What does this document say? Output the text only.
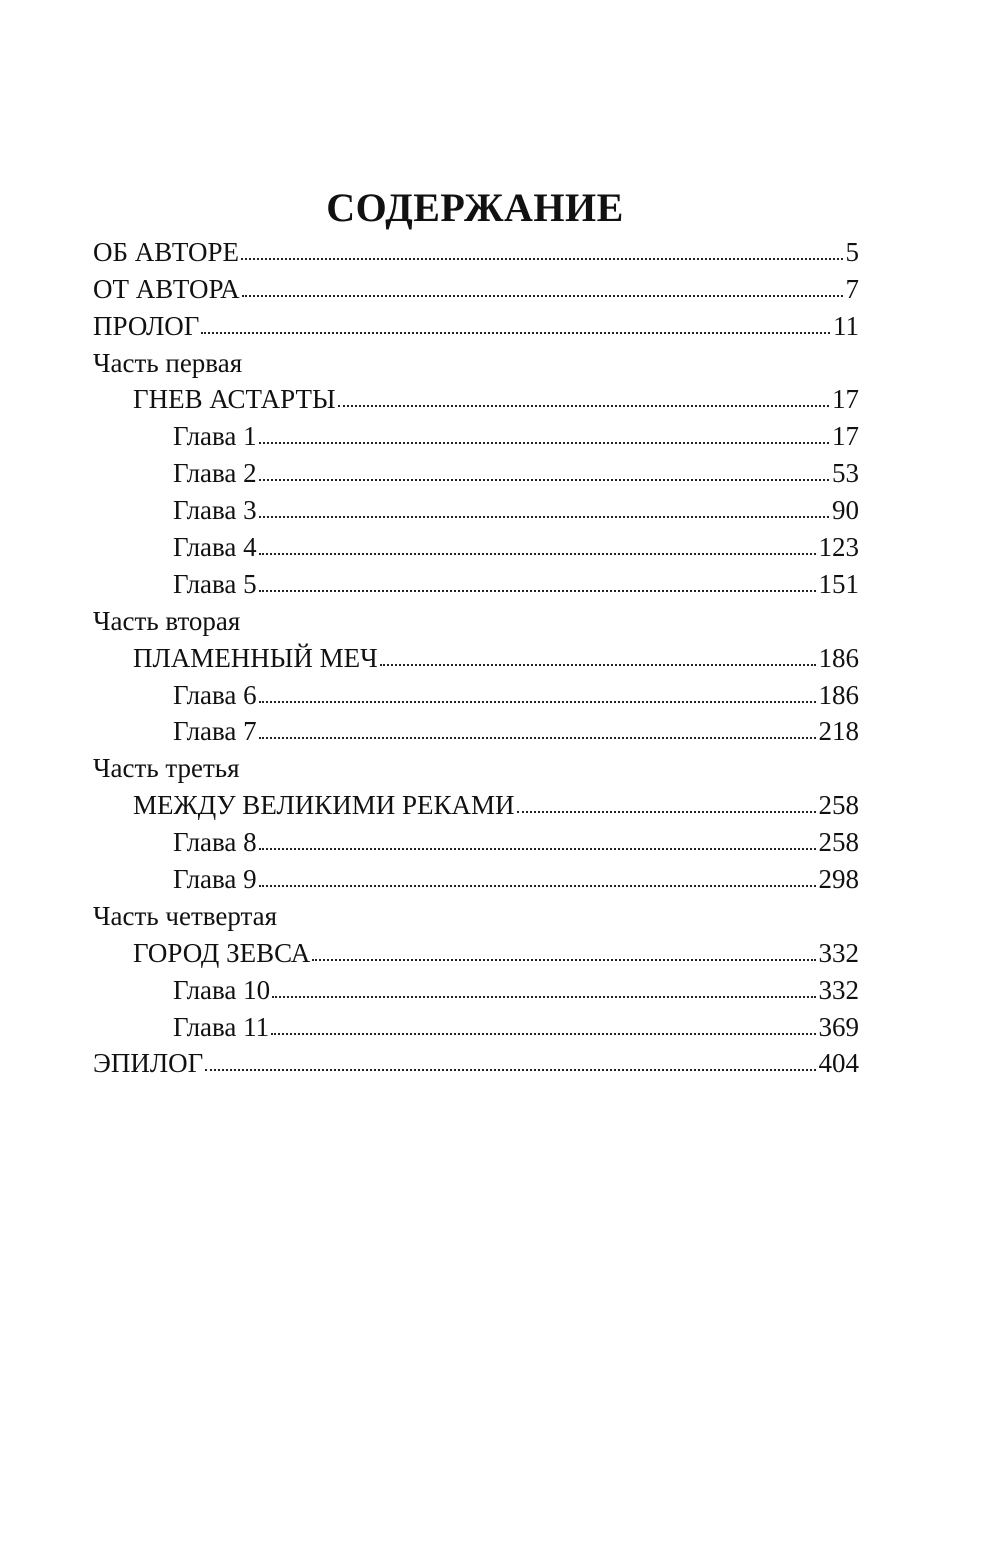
СОДЕРЖАНИЕ
ОБ АВТОРЕ	5
ОТ АВТОРА	7
ПРОЛОГ	11
Часть первая
ГНЕВ АСТАРТЫ	17
Глава 1	17
Глава 2	53
Глава 3	90
Глава 4	123
Глава 5	151
Часть вторая
ПЛАМЕННЫЙ МЕЧ	186
Глава 6	186
Глава 7	218
Часть третья
МЕЖДУ ВЕЛИКИМИ РЕКАМИ	258
Глава 8	258
Глава 9	298
Часть четвертая
ГОРОД ЗЕВСА	332
Глава 10	332
Глава 11	369
ЭПИЛОГ	404
